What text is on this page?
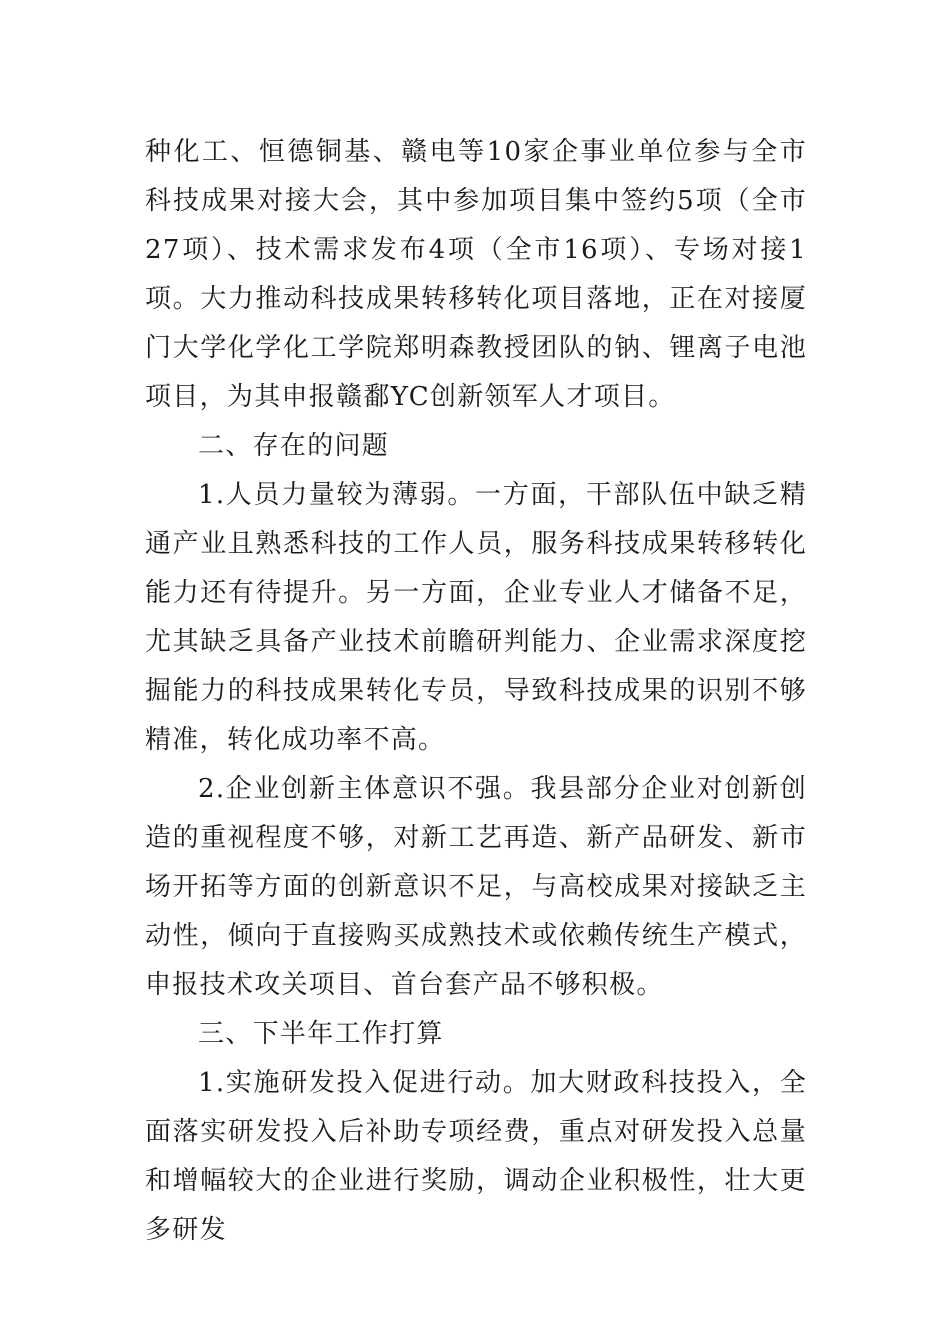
种化工、恒德铜基、赣电等10家企事业单位参与全市科技成果对接大会，其中参加项目集中签约5项（全市27项）、技术需求发布4项（全市16项）、专场对接1项。大力推动科技成果转移转化项目落地，正在对接厦门大学化学化工学院郑明森教授团队的钠、锂离子电池项目，为其申报赣鄱YC创新领军人才项目。

二、存在的问题

1.人员力量较为薄弱。一方面，干部队伍中缺乏精通产业且熟悉科技的工作人员，服务科技成果转移转化能力还有待提升。另一方面，企业专业人才储备不足，尤其缺乏具备产业技术前瞻研判能力、企业需求深度挖掘能力的科技成果转化专员，导致科技成果的识别不够精准，转化成功率不高。

2.企业创新主体意识不强。我县部分企业对创新创造的重视程度不够，对新工艺再造、新产品研发、新市场开拓等方面的创新意识不足，与高校成果对接缺乏主动性，倾向于直接购买成熟技术或依赖传统生产模式，申报技术攻关项目、首台套产品不够积极。

三、下半年工作打算

1.实施研发投入促进行动。加大财政科技投入，全面落实研发投入后补助专项经费，重点对研发投入总量和增幅较大的企业进行奖励，调动企业积极性，壮大更多研发
